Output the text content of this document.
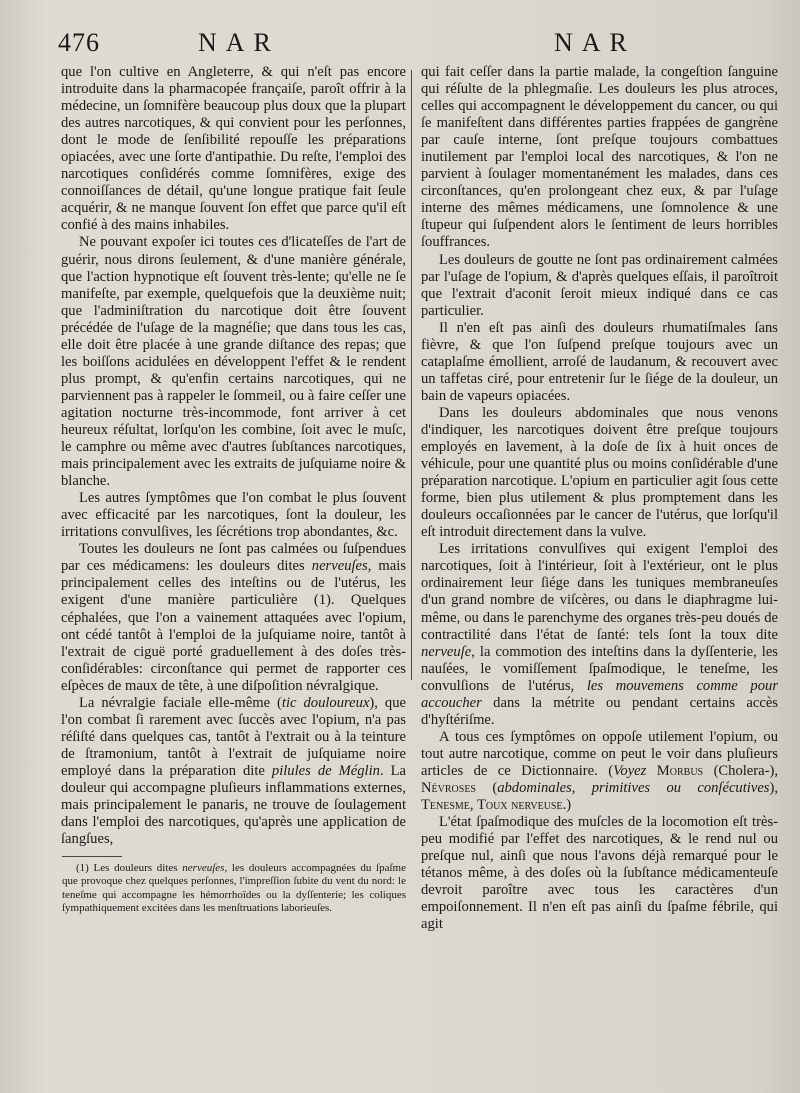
476	NAR	NAR

que l'on cultive en Angleterre, & qui n'eſt pas encore introduite dans la pharmacopée françaiſe, paroît offrir à la médecine, un ſomnifère beaucoup plus doux que la plupart des autres narcotiques, & qui convient pour les perſonnes, dont le mode de ſenſibilité repouſſe les préparations opiacées, avec une ſorte d'antipathie. Du reſte, l'emploi des narcotiques conſidérés comme ſomnifères, exige des connoiſſances de détail, qu'une longue pratique fait ſeule acquérir, & ne manque ſouvent ſon effet que parce qu'il eſt confié à des mains inhabiles.

Ne pouvant expoſer ici toutes ces d'licateſſes de l'art de guérir, nous dirons ſeulement, & d'une manière générale, que l'action hypnotique eſt ſouvent très-lente; qu'elle ne ſe manifeſte, par exemple, quelquefois que la deuxième nuit; que l'adminiſtration du narcotique doit être ſouvent précédée de l'uſage de la magnéſie; que dans tous les cas, elle doit être placée à une grande diſtance des repas; que les boiſſons acidulées en développent l'effet & le rendent plus prompt, & qu'enfin certains narcotiques, qui ne parviennent pas à rappeler le ſommeil, ou à faire ceſſer une agitation nocturne très-incommode, font arriver à cet heureux réſultat, lorſqu'on les combine, ſoit avec le muſc, le camphre ou même avec d'autres ſubſtances narcotiques, mais principalement avec les extraits de juſquiame noire & blanche.

Les autres ſymptômes que l'on combat le plus ſouvent avec efficacité par les narcotiques, ſont la douleur, les irritations convulſives, les ſécrétions trop abondantes, &c.

Toutes les douleurs ne ſont pas calmées ou ſuſpendues par ces médicamens: les douleurs dites nerveuſes, mais principalement celles des inteſtins ou de l'utérus, les exigent d'une manière particulière (1). Quelques céphalées, que l'on a vainement attaquées avec l'opium, ont cédé tantôt à l'emploi de la juſquiame noire, tantôt à l'extrait de ciguë porté graduellement à des doſes très-conſidérables: circonſtance qui permet de rapporter ces eſpèces de maux de tête, à une diſpoſition névralgique.

La névralgie faciale elle-même (tic douloureux), que l'on combat ſi rarement avec ſuccès avec l'opium, n'a pas réſiſté dans quelques cas, tantôt à l'extrait ou à la teinture de ſtramonium, tantôt à l'extrait de juſquiame noire employé dans la préparation dite pilules de Méglin. La douleur qui accompagne pluſieurs inflammations externes, mais principalement le panaris, ne trouve de ſoulagement dans l'emploi des narcotiques, qu'après une application de ſangſues,

qui fait ceſſer dans la partie malade, la congeſtion ſanguine qui réſulte de la phlegmaſie. Les douleurs les plus atroces, celles qui accompagnent le développement du cancer, ou qui ſe manifeſtent dans différentes parties frappées de gangrène par cauſe interne, ſont preſque toujours combattues inutilement par l'emploi local des narcotiques, & l'on ne parvient à ſoulager momentanément les malades, dans ces circonſtances, qu'en prolongeant chez eux, & par l'uſage interne des mêmes médicamens, une ſomnolence & une ſtupeur qui ſuſpendent alors le ſentiment de leurs horribles ſouffrances.

Les douleurs de goutte ne ſont pas ordinairement calmées par l'uſage de l'opium, & d'après quelques eſſais, il paroîtroit que l'extrait d'aconit ſeroit mieux indiqué dans ce cas particulier.

Il n'en eſt pas ainſi des douleurs rhumatiſmales ſans fièvre, & que l'on ſuſpend preſque toujours avec un cataplaſme émollient, arroſé de laudanum, & recouvert avec un taffetas ciré, pour entretenir ſur le ſiége de la douleur, un bain de vapeurs opiacées.

Dans les douleurs abdominales que nous venons d'indiquer, les narcotiques doivent être preſque toujours employés en lavement, à la doſe de ſix à huit onces de véhicule, pour une quantité plus ou moins conſidérable d'une préparation narcotique. L'opium en particulier agit ſous cette forme, bien plus utilement & plus promptement dans les douleurs occaſionnées par le cancer de l'utérus, que lorſqu'il eſt introduit directement dans la vulve.

Les irritations convulſives qui exigent l'emploi des narcotiques, ſoit à l'intérieur, ſoit à l'extérieur, ont le plus ordinairement leur ſiége dans les tuniques membraneuſes d'un grand nombre de viſcères, ou dans le diaphragme lui-même, ou dans le parenchyme des organes très-peu doués de contractilité dans l'état de ſanté: tels ſont la toux dite nerveuſe, la commotion des inteſtins dans la dyſſenterie, les nauſées, le vomiſſement ſpaſmodique, le teneſme, les convulſions de l'utérus, les mouvemens comme pour accoucher dans la métrite ou pendant certains accès d'hyſtériſme.

A tous ces ſymptômes on oppoſe utilement l'opium, ou tout autre narcotique, comme on peut le voir dans pluſieurs articles de ce Dictionnaire. (Voyez Morbus (Cholera-), Névroses (abdominales, primitives ou conſécutives), Tenesme, Toux nerveuse.)

L'état ſpaſmodique des muſcles de la locomotion eſt très-peu modifié par l'effet des narcotiques, & le rend nul ou preſque nul, ainſi que nous l'avons déjà remarqué pour le tétanos même, à des doſes où la ſubſtance médicamenteuſe devroit paroître avec tous les caractères d'un empoiſonnement. Il n'en eſt pas ainſi du ſpaſme fébrile, qui agit

(1) Les douleurs dites nerveuſes, les douleurs accompagnées du ſpaſme que provoque chez quelques perſonnes, l'impreſſion ſubite du vent du nord: le teneſme qui accompagne les hémorrhoïdes ou la dyſſenterie; les coliques ſympathiquement excitées dans les menſtruations laborieuſes.
